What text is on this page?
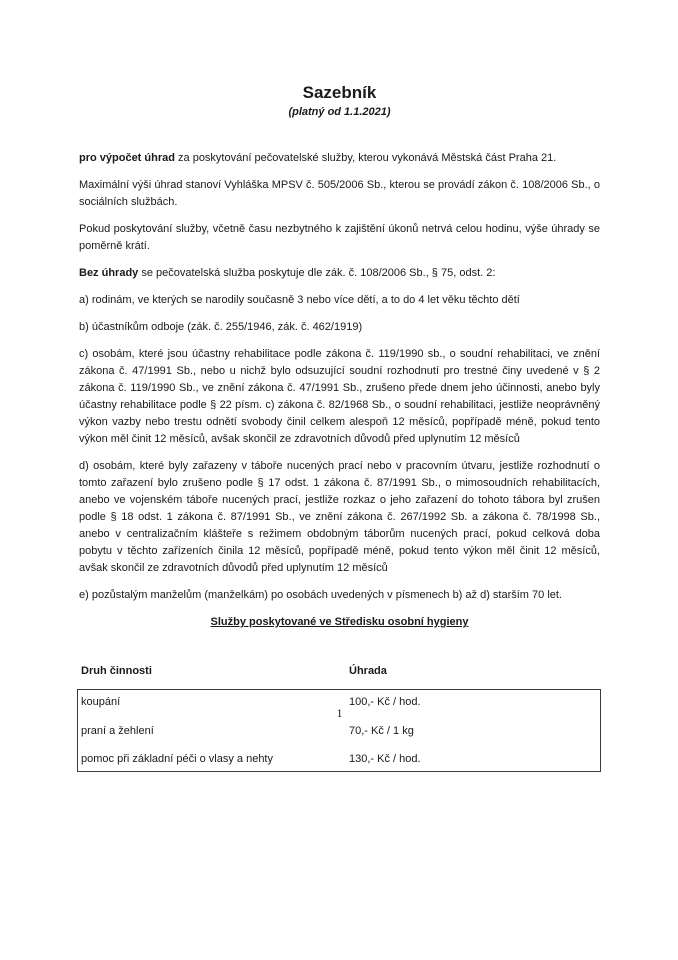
Sazebník
(platný od 1.1.2021)

pro výpočet úhrad za poskytování pečovatelské služby, kterou vykonává Městská část Praha 21.

Maximální výši úhrad stanoví Vyhláška MPSV č. 505/2006 Sb., kterou se provádí zákon č. 108/2006 Sb., o sociálních službách.

Pokud poskytování služby, včetně času nezbytného k zajištění úkonů netrvá celou hodinu, výše úhrady se poměrně krátí.

Bez úhrady se pečovatelská služba poskytuje dle zák. č. 108/2006 Sb., § 75, odst. 2:

a) rodinám, ve kterých se narodily současně 3 nebo více dětí, a to do 4 let věku těchto dětí

b) účastníkům odboje (zák. č. 255/1946, zák. č. 462/1919)

c) osobám, které jsou účastny rehabilitace podle zákona č. 119/1990 sb., o soudní rehabilitaci, ve znění zákona č. 47/1991 Sb., nebo u nichž bylo odsuzující soudní rozhodnutí pro trestné činy uvedené v § 2 zákona č. 119/1990 Sb., ve znění zákona č. 47/1991 Sb., zrušeno přede dnem jeho účinnosti, anebo byly účastny rehabilitace podle § 22 písm. c) zákona č. 82/1968 Sb., o soudní rehabilitaci, jestliže neoprávněný výkon vazby nebo trestu odnětí svobody činil celkem alespoň 12 měsíců, popřípadě méně, pokud tento výkon měl činit 12 měsíců, avšak skončil ze zdravotních důvodů před uplynutím 12 měsíců

d) osobám, které byly zařazeny v táboře nucených prací nebo v pracovním útvaru, jestliže rozhodnutí o tomto zařazení bylo zrušeno podle § 17 odst. 1 zákona č. 87/1991 Sb., o mimosoudních rehabilitacích, anebo ve vojenském táboře nucených prací, jestliže rozkaz o jeho zařazení do tohoto tábora byl zrušen podle § 18 odst. 1 zákona č. 87/1991 Sb., ve znění zákona č. 267/1992 Sb. a zákona č. 78/1998 Sb., anebo v centralizačním klášteře s režimem obdobným táborům nucených prací, pokud celková doba pobytu v těchto zařízeních činila 12 měsíců, popřípadě méně, pokud tento výkon měl činit 12 měsíců, avšak skončil ze zdravotních důvodů před uplynutím 12 měsíců

e) pozůstalým manželům (manželkám) po osobách uvedených v písmenech b) až d) starším 70 let.

Služby poskytované ve Středisku osobní hygieny

Druh činnosti	Úhrada
koupání	100,- Kč / hod.
praní a žehlení	70,- Kč / 1 kg
pomoc při základní péči o vlasy a nehty	130,- Kč / hod.
1
